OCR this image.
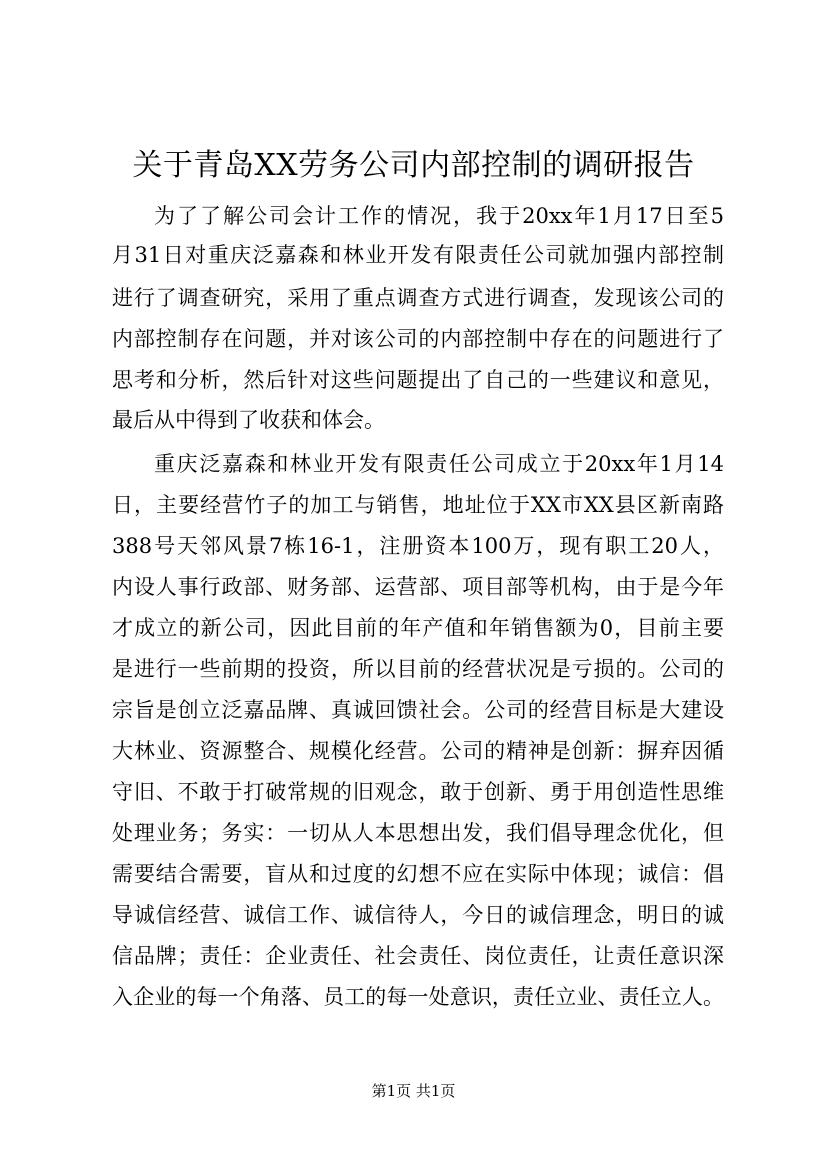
关于青岛XX劳务公司内部控制的调研报告
为了了解公司会计工作的情况，我于20xx年1月17日至5
月31日对重庆泛嘉森和林业开发有限责任公司就加强内部控制
进行了调查研究，采用了重点调查方式进行调查，发现该公司的
内部控制存在问题，并对该公司的内部控制中存在的问题进行了
思考和分析，然后针对这些问题提出了自己的一些建议和意见，
最后从中得到了收获和体会。
重庆泛嘉森和林业开发有限责任公司成立于20xx年1月14
日，主要经营竹子的加工与销售，地址位于XX市XX县区新南路
388号天邻风景7栋16-1，注册资本100万，现有职工20人，
内设人事行政部、财务部、运营部、项目部等机构，由于是今年
才成立的新公司，因此目前的年产值和年销售额为0，目前主要
是进行一些前期的投资，所以目前的经营状况是亏损的。公司的
宗旨是创立泛嘉品牌、真诚回馈社会。公司的经营目标是大建设
大林业、资源整合、规模化经营。公司的精神是创新：摒弃因循
守旧、不敢于打破常规的旧观念，敢于创新、勇于用创造性思维
处理业务；务实：一切从人本思想出发，我们倡导理念优化，但
需要结合需要，盲从和过度的幻想不应在实际中体现；诚信：倡
导诚信经营、诚信工作、诚信待人，今日的诚信理念，明日的诚
信品牌；责任：企业责任、社会责任、岗位责任，让责任意识深
入企业的每一个角落、员工的每一处意识，责任立业、责任立人。
第1页 共1页
